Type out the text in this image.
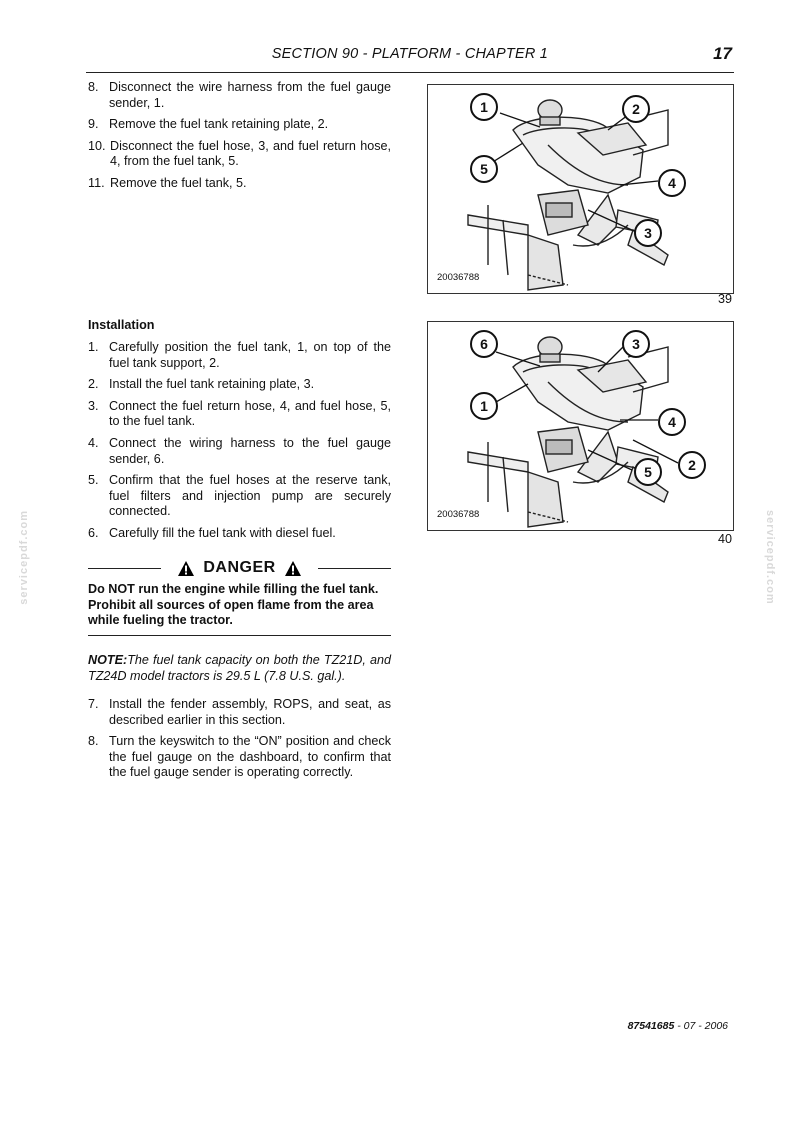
SECTION 90 - PLATFORM - CHAPTER 1	17
8. Disconnect the wire harness from the fuel gauge sender, 1.
9. Remove the fuel tank retaining plate, 2.
10. Disconnect the fuel hose, 3, and fuel return hose, 4, from the fuel tank, 5.
11. Remove the fuel tank, 5.
Installation
1. Carefully position the fuel tank, 1, on top of the fuel tank support, 2.
2. Install the fuel tank retaining plate, 3.
3. Connect the fuel return hose, 4, and fuel hose, 5, to the fuel tank.
4. Connect the wiring harness to the fuel gauge sender, 6.
5. Confirm that the fuel hoses at the reserve tank, fuel filters and injection pump are securely connected.
6. Carefully fill the fuel tank with diesel fuel.
DANGER
Do NOT run the engine while filling the fuel tank. Prohibit all sources of open flame from the area while fueling the tractor.
NOTE:The fuel tank capacity on both the TZ21D, and TZ24D model tractors is 29.5 L (7.8 U.S. gal.).
7. Install the fender assembly, ROPS, and seat, as described earlier in this section.
8. Turn the keyswitch to the “ON” position and check the fuel gauge on the dashboard, to confirm that the fuel gauge sender is operating correctly.
1	2
5
4
3
20036788
39
6	3
1
4
5	2
20036788
40
servicepdf.com	servicepdf.com
87541685 - 07 - 2006
